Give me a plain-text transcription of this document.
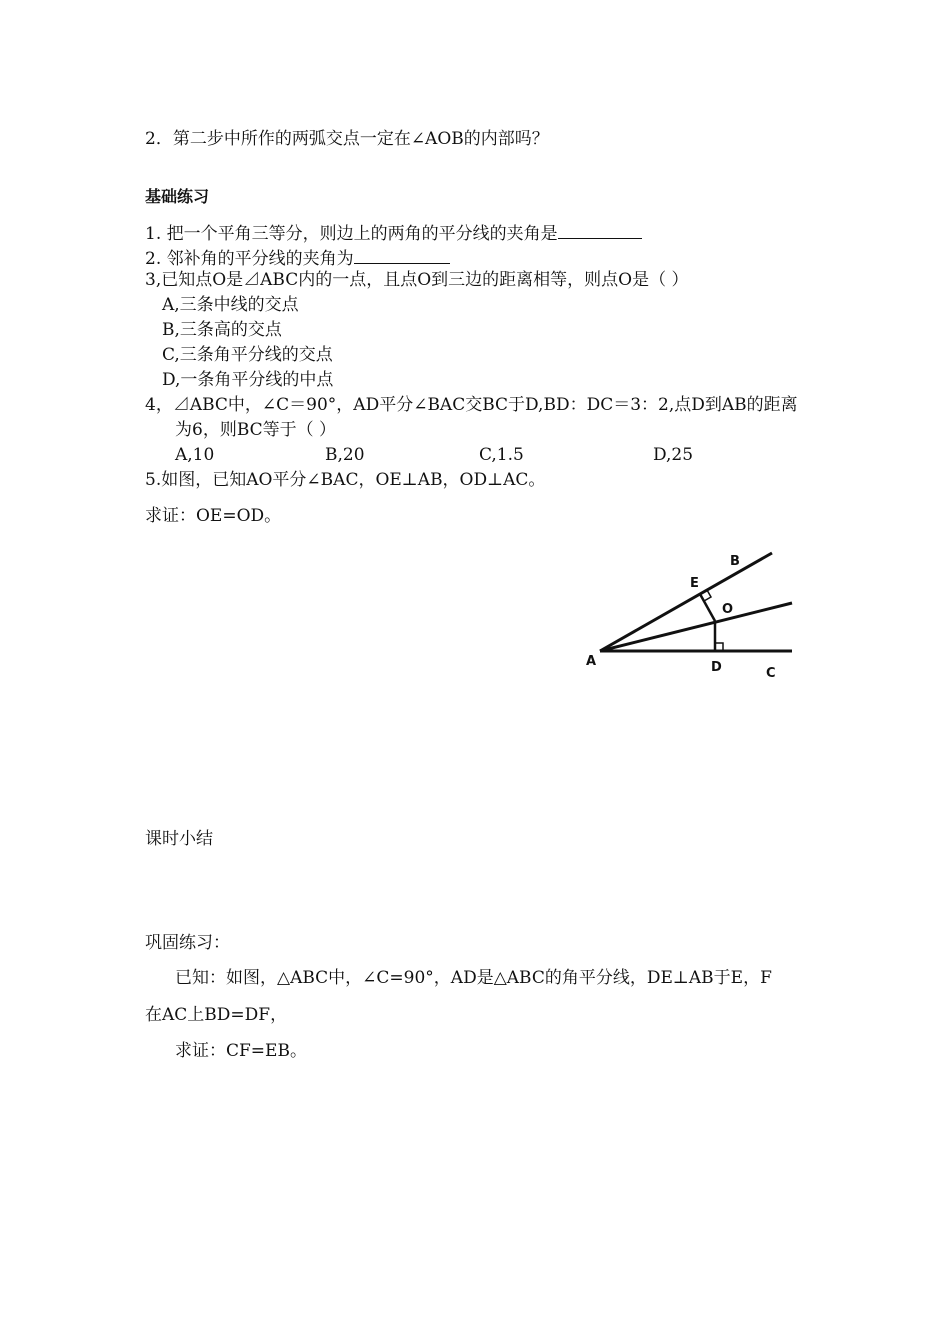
2．第二步中所作的两弧交点一定在∠AOB的内部吗？
基础练习
1. 把一个平角三等分，则边上的两角的平分线的夹角是
2. 邻补角的平分线的夹角为
3,已知点O是⊿ABC内的一点，且点O到三边的距离相等，则点O是（ ）
A,三条中线的交点
B,三条高的交点
C,三条角平分线的交点
D,一条角平分线的中点
4，⊿ABC中，∠C＝90°，AD平分∠BAC交BC于D,BD：DC＝3：2,点D到AB的距离
为6，则BC等于（ ）
A,10	B,20	C,1.5	D,25
5.如图，已知AO平分∠BAC，OE⊥AB，OD⊥AC。
求证：OE=OD。
A
B
C
D
E
O
课时小结
巩固练习：
已知：如图，△ABC中，∠C=90°，AD是△ABC的角平分线，DE⊥AB于E，F
在AC上BD=DF，
求证：CF=EB。
